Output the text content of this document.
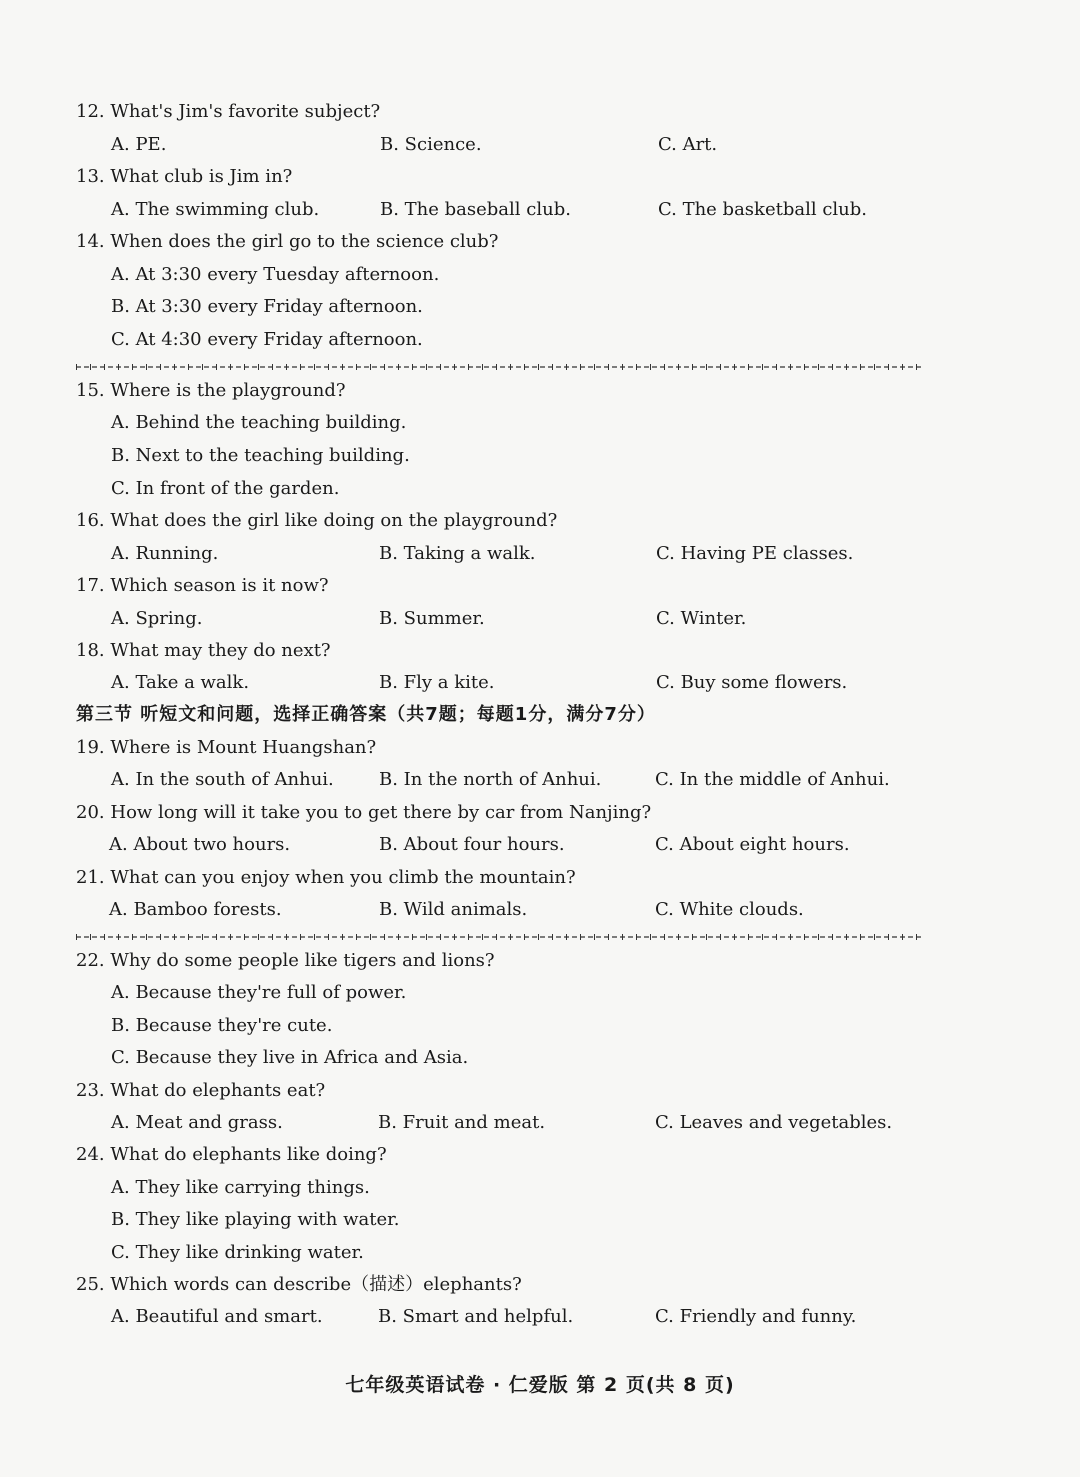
12. What's Jim's favorite subject?
A. PE.	B. Science.	C. Art.
13. What club is Jim in?
A. The swimming club.	B. The baseball club.	C. The basketball club.
14. When does the girl go to the science club?
A. At 3:30 every Tuesday afternoon.
B. At 3:30 every Friday afternoon.
C. At 4:30 every Friday afternoon.
15. Where is the playground?
A. Behind the teaching building.
B. Next to the teaching building.
C. In front of the garden.
16. What does the girl like doing on the playground?
A. Running.	B. Taking a walk.	C. Having PE classes.
17. Which season is it now?
A. Spring.	B. Summer.	C. Winter.
18. What may they do next?
A. Take a walk.	B. Fly a kite.	C. Buy some flowers.
第三节 听短文和问题，选择正确答案（共7题；每题1分，满分7分）
19. Where is Mount Huangshan?
A. In the south of Anhui.	B. In the north of Anhui.	C. In the middle of Anhui.
20. How long will it take you to get there by car from Nanjing?
A. About two hours.	B. About four hours.	C. About eight hours.
21. What can you enjoy when you climb the mountain?
A. Bamboo forests.	B. Wild animals.	C. White clouds.
22. Why do some people like tigers and lions?
A. Because they're full of power.
B. Because they're cute.
C. Because they live in Africa and Asia.
23. What do elephants eat?
A. Meat and grass.	B. Fruit and meat.	C. Leaves and vegetables.
24. What do elephants like doing?
A. They like carrying things.
B. They like playing with water.
C. They like drinking water.
25. Which words can describe（描述）elephants?
A. Beautiful and smart.	B. Smart and helpful.	C. Friendly and funny.
七年级英语试卷 · 仁爱版 第 2 页(共 8 页)
